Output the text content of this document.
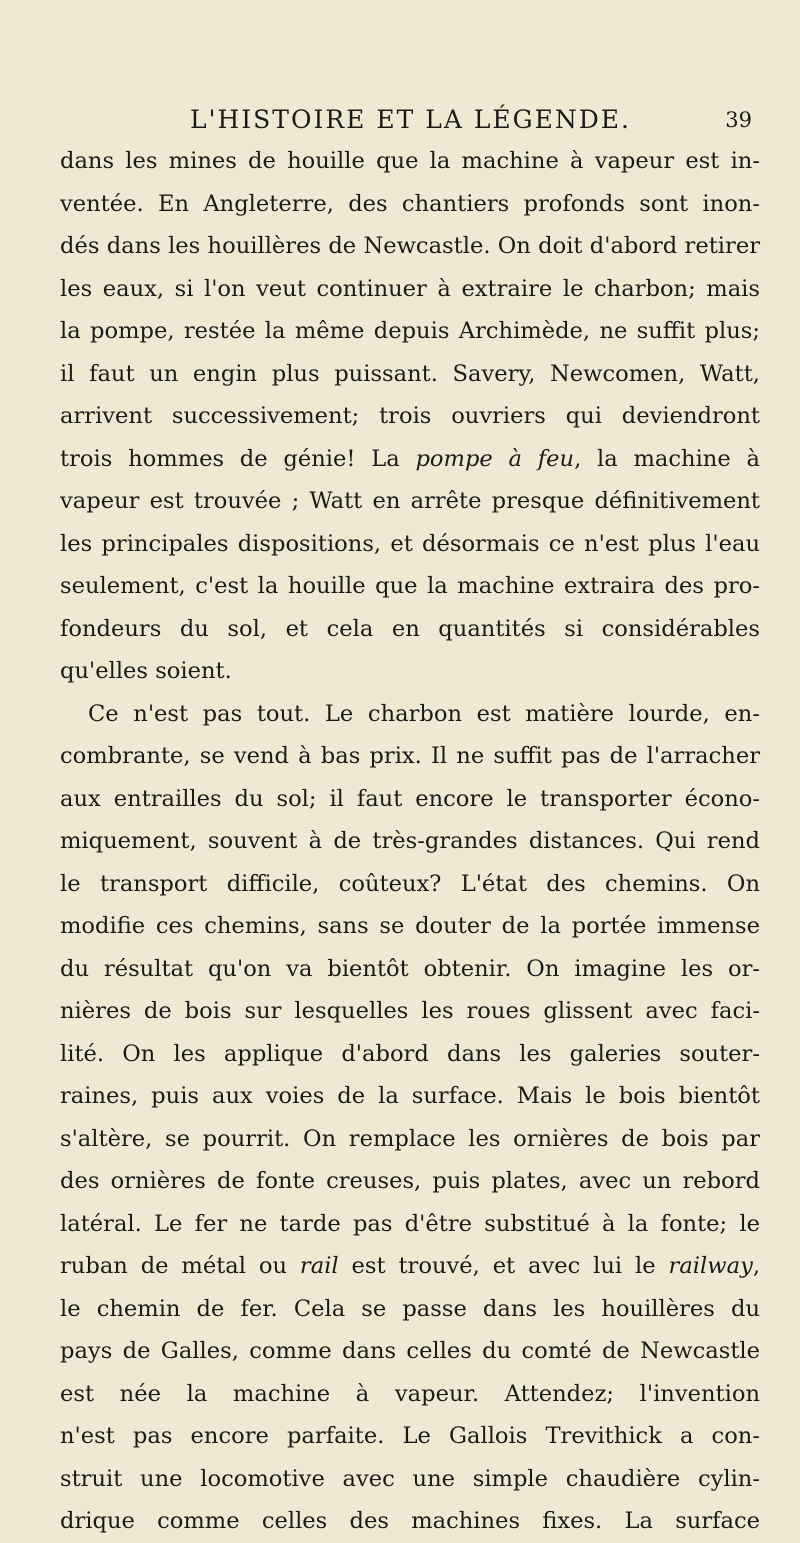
L'HISTOIRE ET LA LÉGENDE.	39
dans les mines de houille que la machine à vapeur est in-
ventée. En Angleterre, des chantiers profonds sont inon-
dés dans les houillères de Newcastle. On doit d'abord retirer
les eaux, si l'on veut continuer à extraire le charbon; mais
la pompe, restée la même depuis Archimède, ne suffit plus;
il faut un engin plus puissant. Savery, Newcomen, Watt,
arrivent successivement; trois ouvriers qui deviendront
trois hommes de génie! La pompe à feu, la machine à
vapeur est trouvée ; Watt en arrête presque définitivement
les principales dispositions, et désormais ce n'est plus l'eau
seulement, c'est la houille que la machine extraira des pro-
fondeurs du sol, et cela en quantités si considérables
qu'elles soient.
Ce n'est pas tout. Le charbon est matière lourde, en-
combrante, se vend à bas prix. Il ne suffit pas de l'arracher
aux entrailles du sol; il faut encore le transporter écono-
miquement, souvent à de très-grandes distances. Qui rend
le transport difficile, coûteux? L'état des chemins. On
modifie ces chemins, sans se douter de la portée immense
du résultat qu'on va bientôt obtenir. On imagine les or-
nières de bois sur lesquelles les roues glissent avec faci-
lité. On les applique d'abord dans les galeries souter-
raines, puis aux voies de la surface. Mais le bois bientôt
s'altère, se pourrit. On remplace les ornières de bois par
des ornières de fonte creuses, puis plates, avec un rebord
latéral. Le fer ne tarde pas d'être substitué à la fonte; le
ruban de métal ou rail est trouvé, et avec lui le railway,
le chemin de fer. Cela se passe dans les houillères du
pays de Galles, comme dans celles du comté de Newcastle
est née la machine à vapeur. Attendez; l'invention
n'est pas encore parfaite. Le Gallois Trevithick a con-
struit une locomotive avec une simple chaudière cylin-
drique comme celles des machines fixes. La surface
